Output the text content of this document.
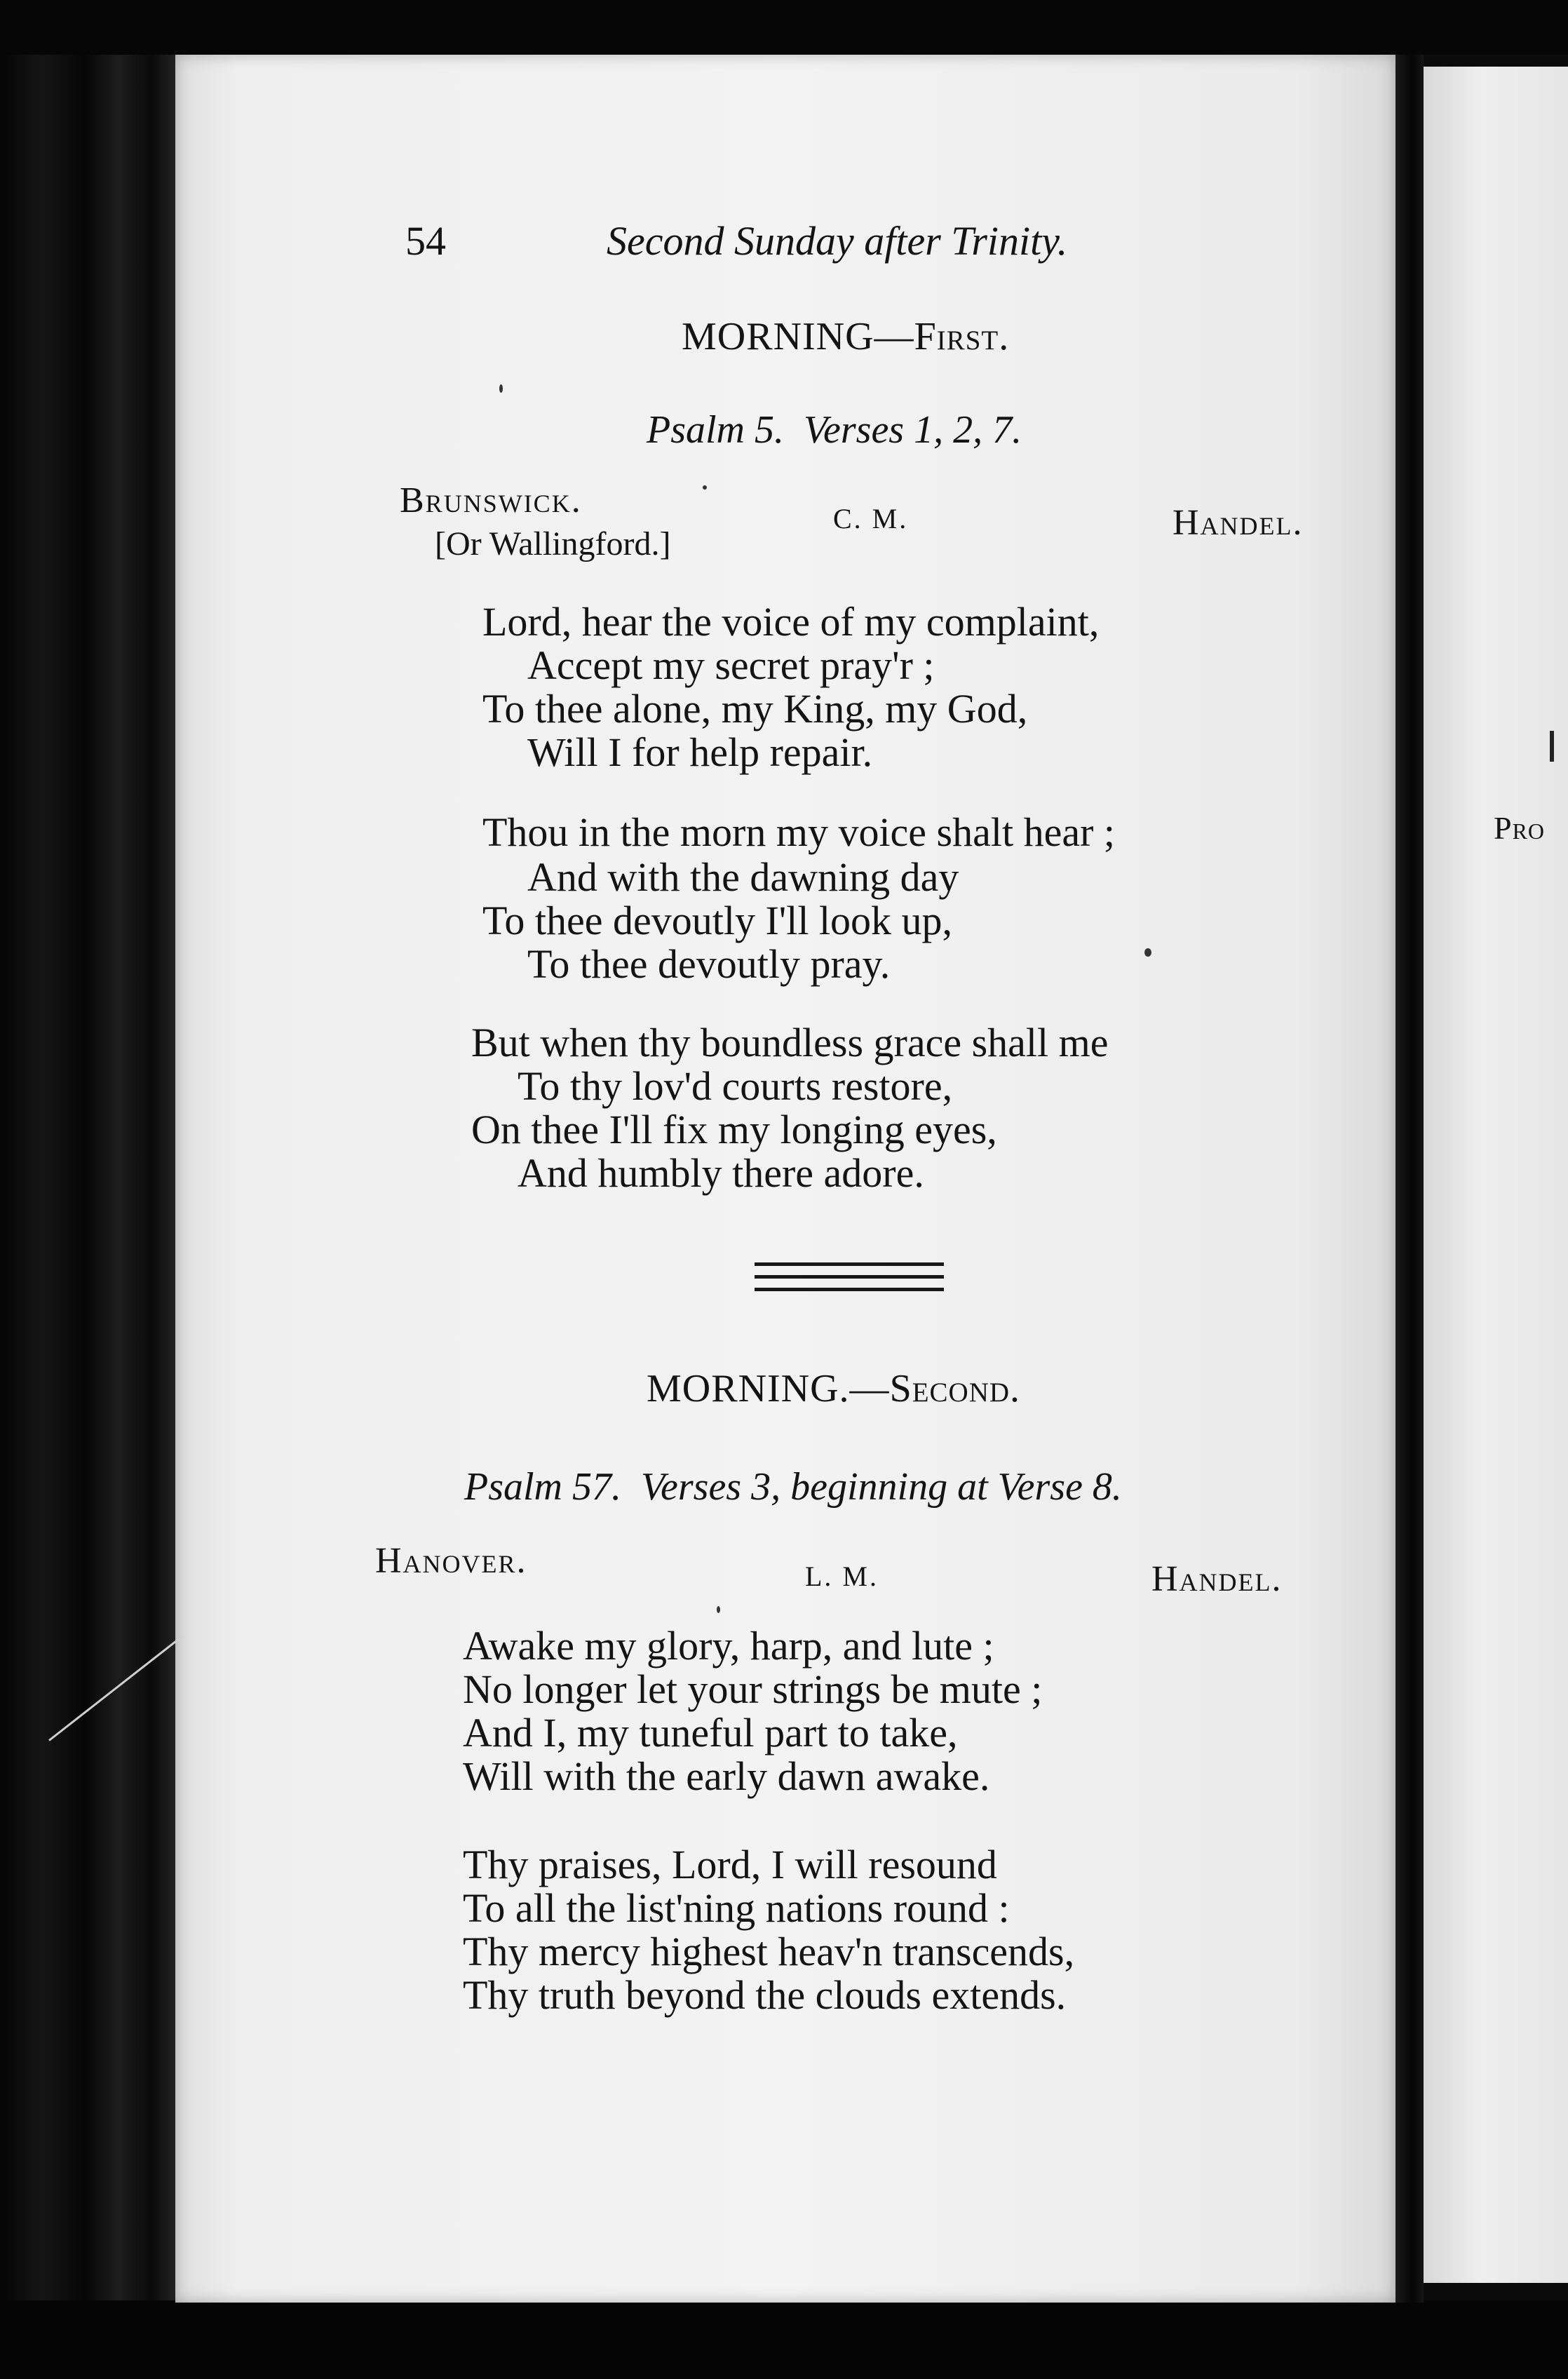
Pro
54	Second Sunday after Trinity.
MORNING—First.
Psalm 5. Verses 1, 2, 7.
Brunswick.
[Or Wallingford.]
C. M.	Handel.
Lord, hear the voice of my complaint,
Accept my secret pray'r ;
To thee alone, my King, my God,
Will I for help repair.
Thou in the morn my voice shalt hear ;
And with the dawning day
To thee devoutly I'll look up,
To thee devoutly pray.
But when thy boundless grace shall me
To thy lov'd courts restore,
On thee I'll fix my longing eyes,
And humbly there adore.
MORNING.—Second.
Psalm 57. Verses 3, beginning at Verse 8.
Hanover.	L. M.	Handel.
Awake my glory, harp, and lute ;
No longer let your strings be mute ;
And I, my tuneful part to take,
Will with the early dawn awake.
Thy praises, Lord, I will resound
To all the list'ning nations round :
Thy mercy highest heav'n transcends,
Thy truth beyond the clouds extends.
